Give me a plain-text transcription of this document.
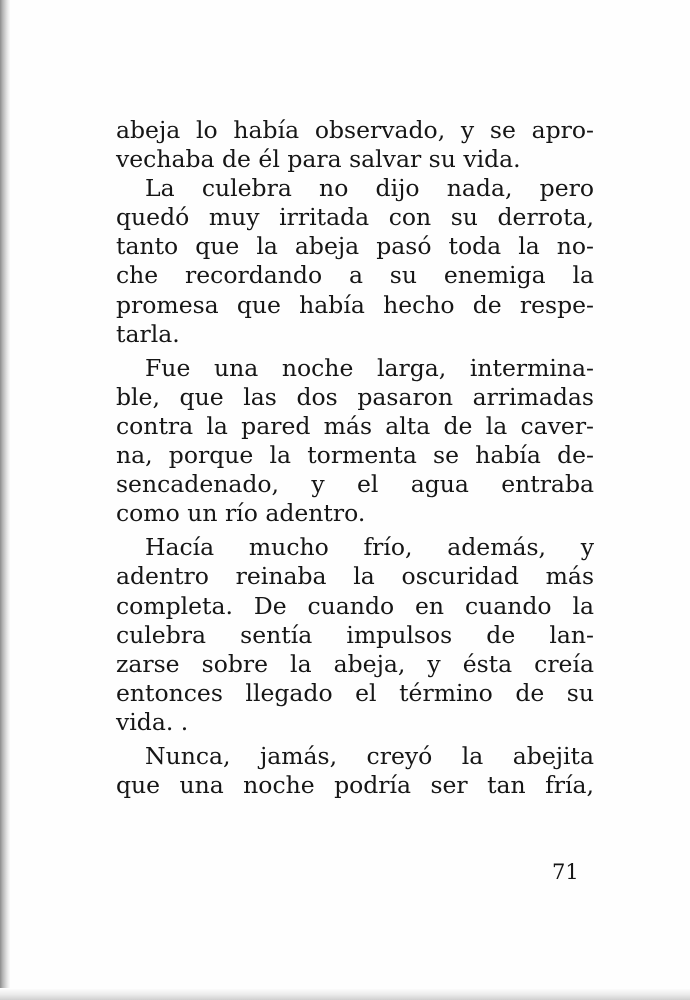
abeja lo había observado, y se apro-
vechaba de él para salvar su vida.
La culebra no dijo nada, pero
quedó muy irritada con su derrota,
tanto que la abeja pasó toda la no-
che recordando a su enemiga la
promesa que había hecho de respe-
tarla.
Fue una noche larga, intermina-
ble, que las dos pasaron arrimadas
contra la pared más alta de la caver-
na, porque la tormenta se había de-
sencadenado, y el agua entraba
como un río adentro.
Hacía mucho frío, además, y
adentro reinaba la oscuridad más
completa. De cuando en cuando la
culebra sentía impulsos de lan-
zarse sobre la abeja, y ésta creía
entonces llegado el término de su
vida. .
Nunca, jamás, creyó la abejita
que una noche podría ser tan fría,
71
